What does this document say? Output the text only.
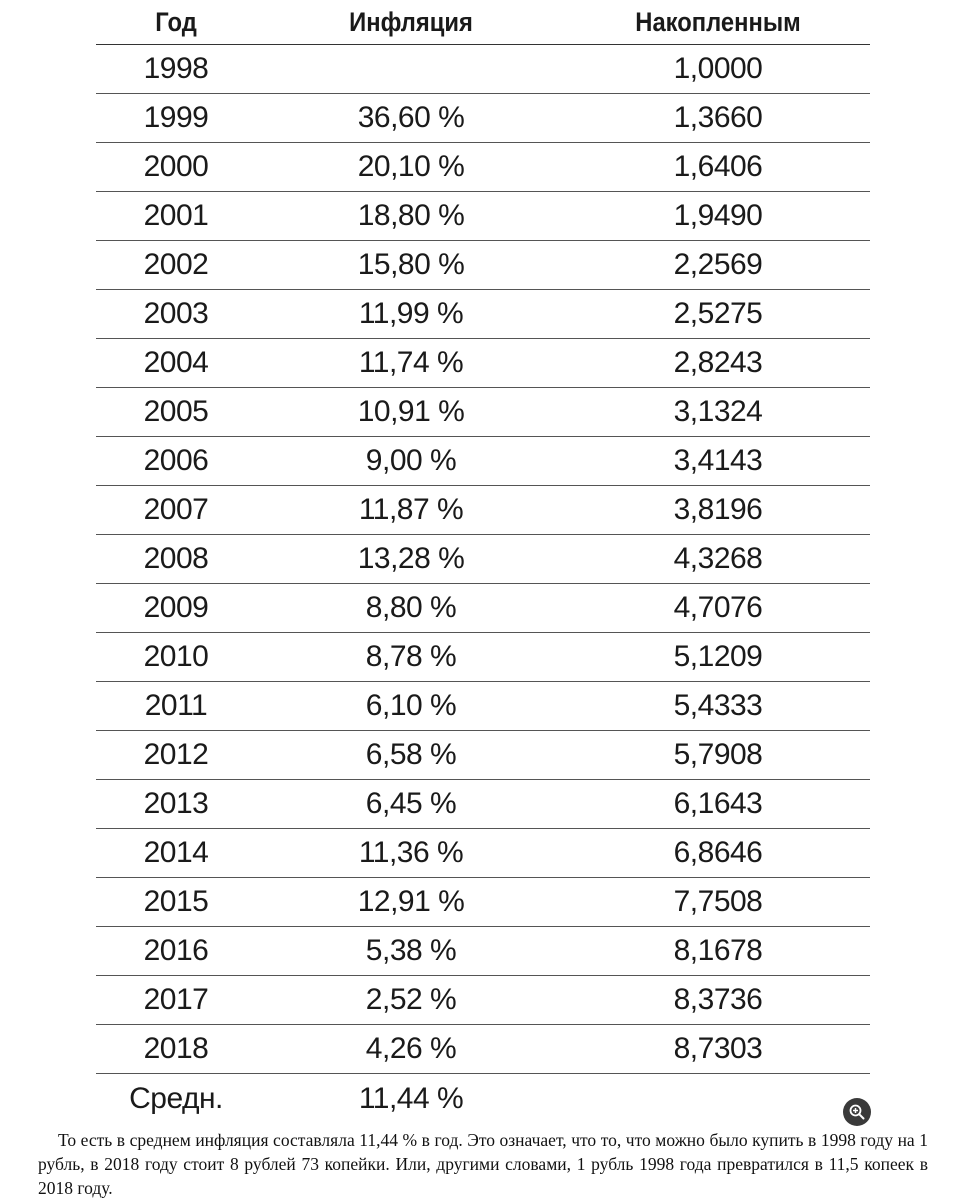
Год	Инфляция	Накопленным
1998		1,0000
1999	36,60 %	1,3660
2000	20,10 %	1,6406
2001	18,80 %	1,9490
2002	15,80 %	2,2569
2003	11,99 %	2,5275
2004	11,74 %	2,8243
2005	10,91 %	3,1324
2006	9,00 %	3,4143
2007	11,87 %	3,8196
2008	13,28 %	4,3268
2009	8,80 %	4,7076
2010	8,78 %	5,1209
2011	6,10 %	5,4333
2012	6,58 %	5,7908
2013	6,45 %	6,1643
2014	11,36 %	6,8646
2015	12,91 %	7,7508
2016	5,38 %	8,1678
2017	2,52 %	8,3736
2018	4,26 %	8,7303
Средн.	11,44 %	

То есть в среднем инфляция составляла 11,44 % в год. Это означает, что то, что можно было купить в 1998 году на 1 рубль, в 2018 году стоит 8 рублей 73 копейки. Или, другими словами, 1 рубль 1998 года превратился в 11,5 копеек в 2018 году.
